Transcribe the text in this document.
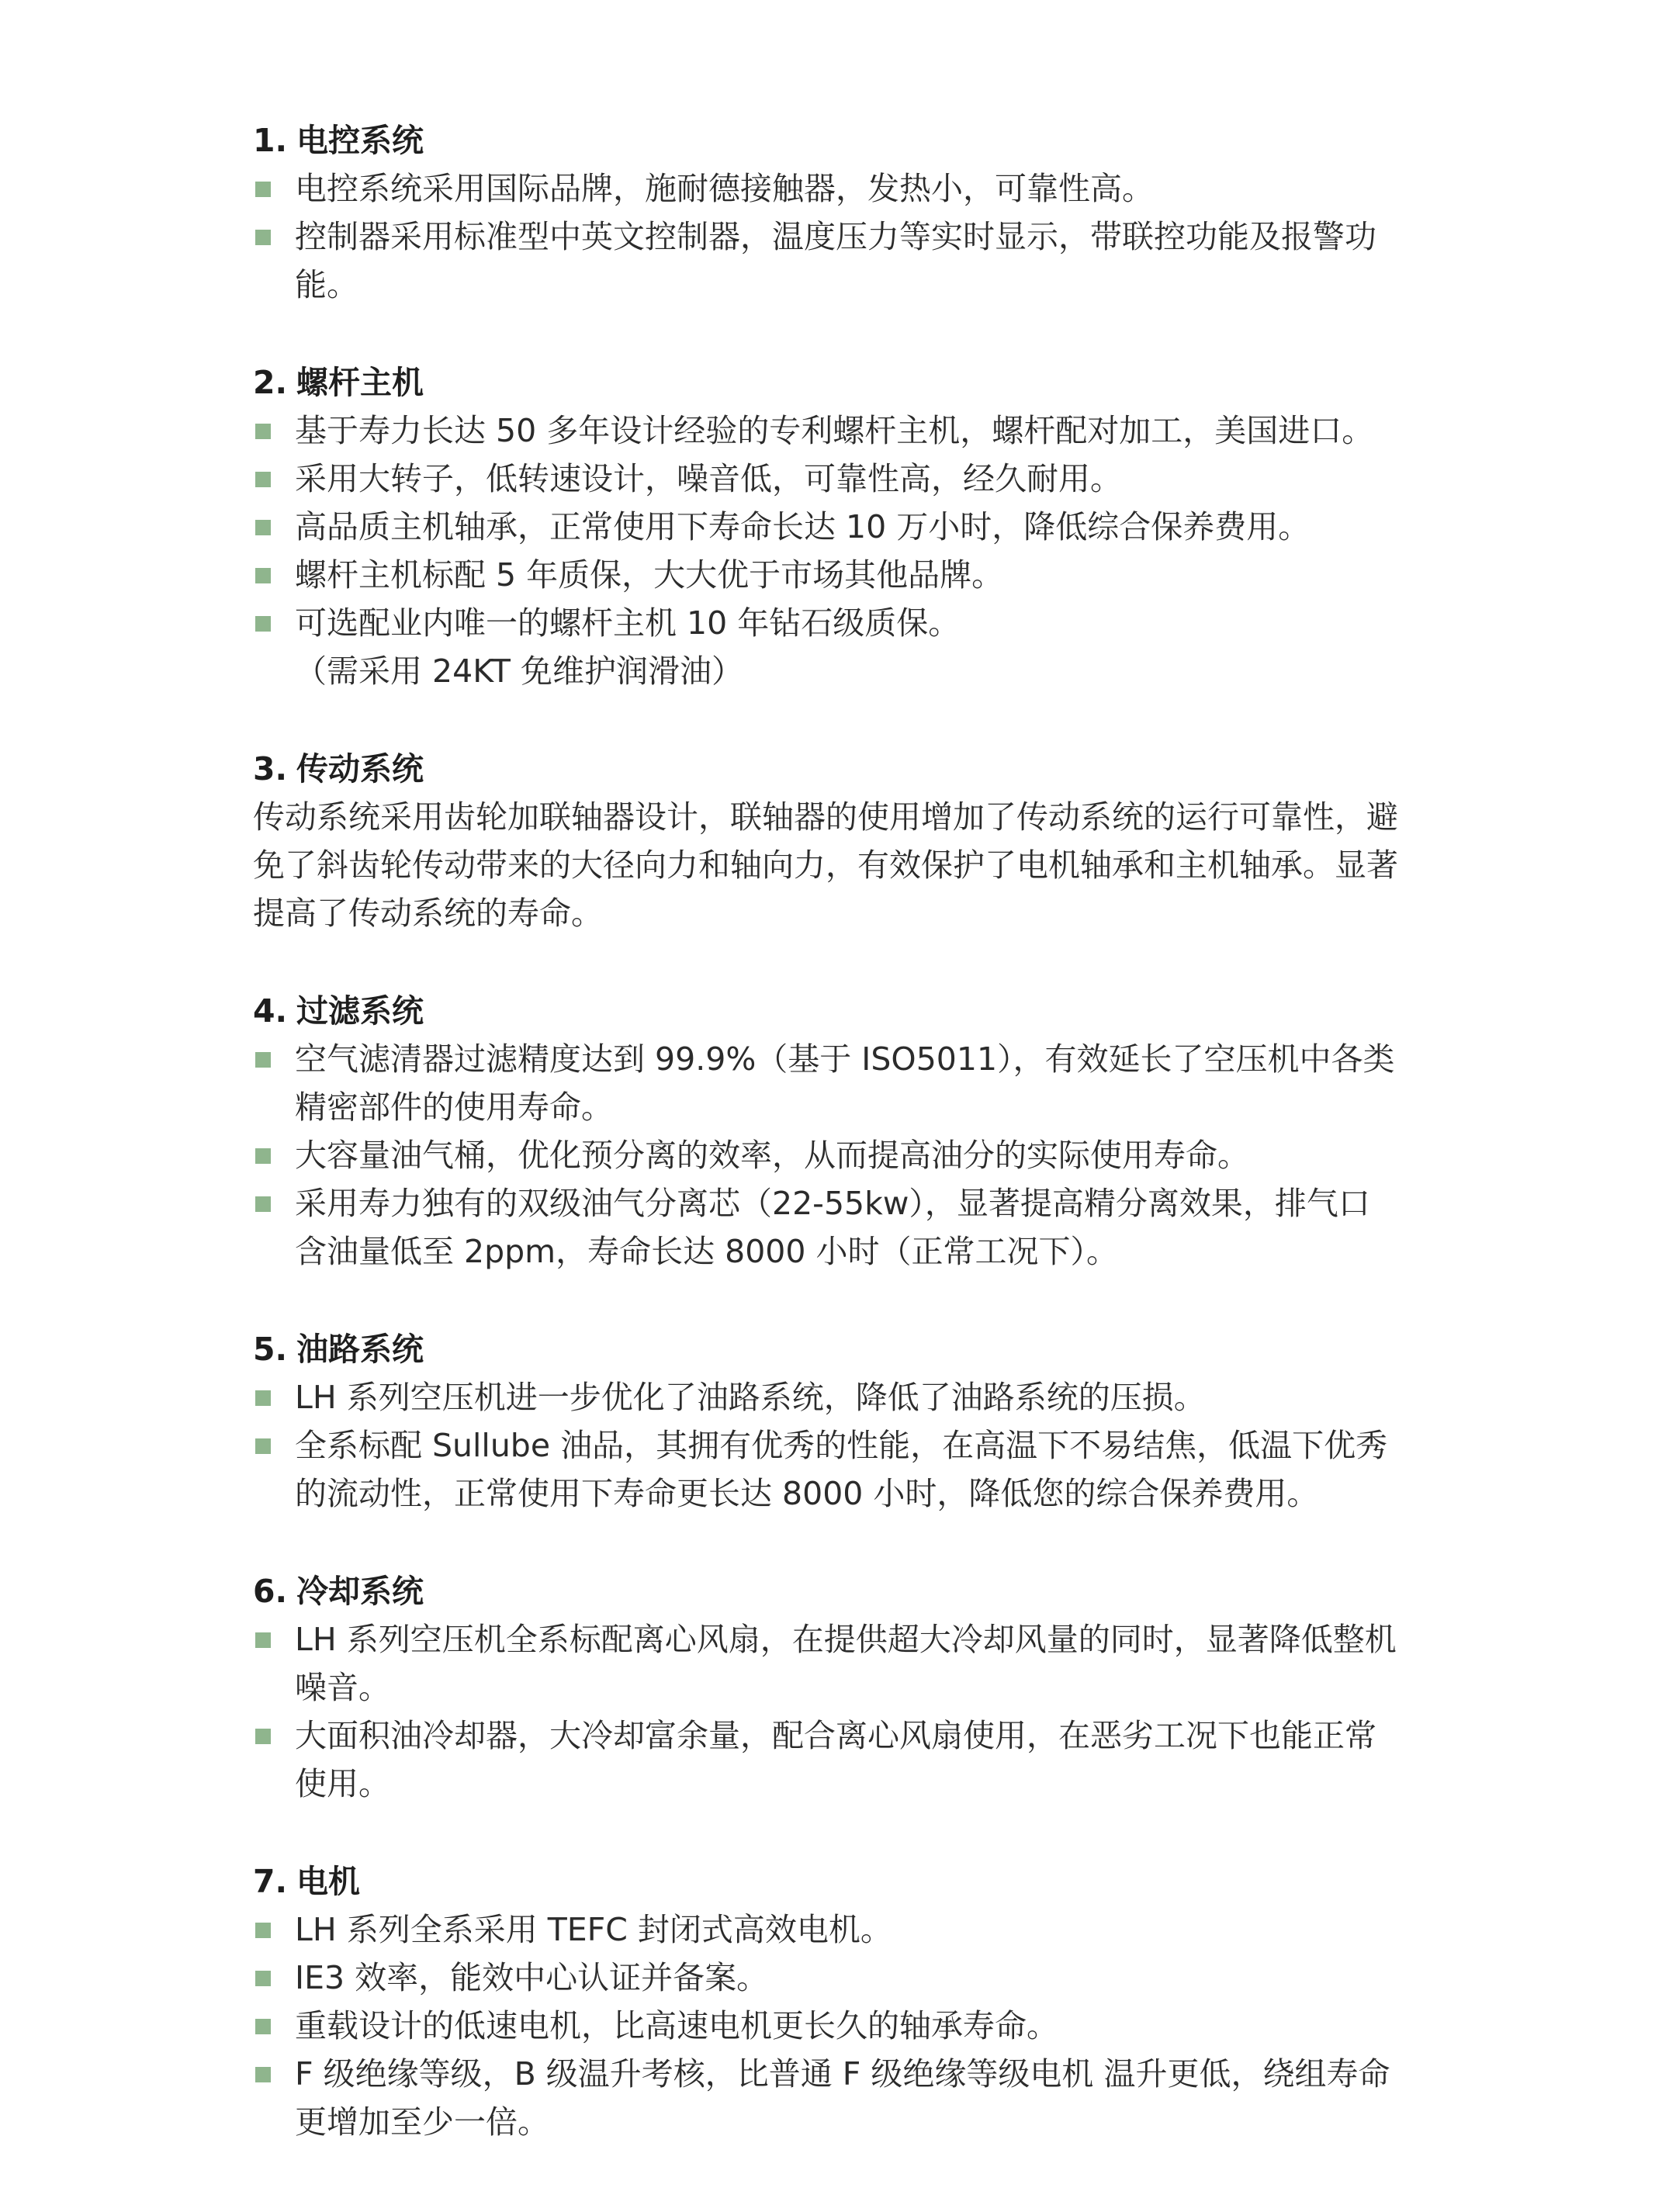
1. 电控系统
电控系统采用国际品牌，施耐德接触器，发热小，可靠性高。
控制器采用标准型中英文控制器，温度压力等实时显示，带联控功能及报警功能。
2. 螺杆主机
基于寿力长达 50 多年设计经验的专利螺杆主机，螺杆配对加工，美国进口。
采用大转子，低转速设计，噪音低，可靠性高，经久耐用。
高品质主机轴承，正常使用下寿命长达 10 万小时，降低综合保养费用。
螺杆主机标配 5 年质保，大大优于市场其他品牌。
可选配业内唯一的螺杆主机 10 年钻石级质保。
（需采用 24KT 免维护润滑油）
3. 传动系统

传动系统采用齿轮加联轴器设计，联轴器的使用增加了传动系统的运行可靠性，避免了斜齿轮传动带来的大径向力和轴向力，有效保护了电机轴承和主机轴承。显著提高了传动系统的寿命。

4. 过滤系统
空气滤清器过滤精度达到 99.9%（基于 ISO5011），有效延长了空压机中各类精密部件的使用寿命。
大容量油气桶，优化预分离的效率，从而提高油分的实际使用寿命。
采用寿力独有的双级油气分离芯（22-55kw），显著提高精分离效果，排气口含油量低至 2ppm，寿命长达 8000 小时（正常工况下）。
5. 油路系统
LH 系列空压机进一步优化了油路系统，降低了油路系统的压损。
全系标配 Sullube 油品，其拥有优秀的性能，在高温下不易结焦，低温下优秀的流动性，正常使用下寿命更长达 8000 小时，降低您的综合保养费用。
6. 冷却系统
LH 系列空压机全系标配离心风扇，在提供超大冷却风量的同时，显著降低整机噪音。
大面积油冷却器，大冷却富余量，配合离心风扇使用，在恶劣工况下也能正常使用。
7. 电机
LH 系列全系采用 TEFC 封闭式高效电机。
IE3 效率，能效中心认证并备案。
重载设计的低速电机，比高速电机更长久的轴承寿命。
F 级绝缘等级，B 级温升考核，比普通 F 级绝缘等级电机 温升更低，绕组寿命更增加至少一倍。
